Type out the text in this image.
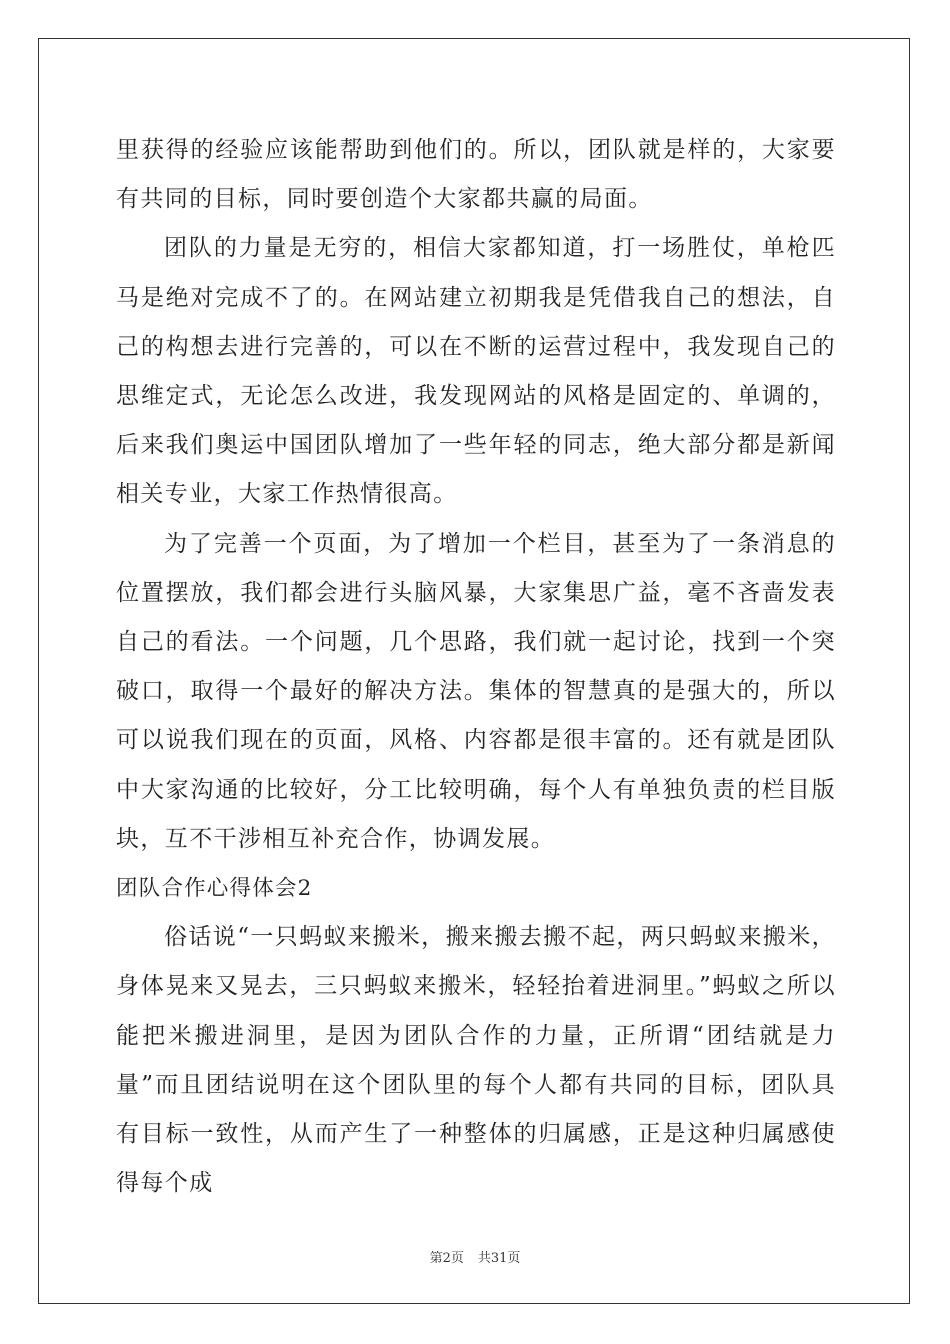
里获得的经验应该能帮助到他们的。所以，团队就是样的，大家要有共同的目标，同时要创造个大家都共赢的局面。

团队的力量是无穷的，相信大家都知道，打一场胜仗，单枪匹马是绝对完成不了的。在网站建立初期我是凭借我自己的想法，自己的构想去进行完善的，可以在不断的运营过程中，我发现自己的思维定式，无论怎么改进，我发现网站的风格是固定的、单调的，后来我们奥运中国团队增加了一些年轻的同志，绝大部分都是新闻相关专业，大家工作热情很高。

为了完善一个页面，为了增加一个栏目，甚至为了一条消息的位置摆放，我们都会进行头脑风暴，大家集思广益，毫不吝啬发表自己的看法。一个问题，几个思路，我们就一起讨论，找到一个突破口，取得一个最好的解决方法。集体的智慧真的是强大的，所以可以说我们现在的页面，风格、内容都是很丰富的。还有就是团队中大家沟通的比较好，分工比较明确，每个人有单独负责的栏目版块，互不干涉相互补充合作，协调发展。

团队合作心得体会2

俗话说“一只蚂蚁来搬米，搬来搬去搬不起，两只蚂蚁来搬米，身体晃来又晃去，三只蚂蚁来搬米，轻轻抬着进洞里。”蚂蚁之所以能把米搬进洞里，是因为团队合作的力量，正所谓“团结就是力量”而且团结说明在这个团队里的每个人都有共同的目标，团队具有目标一致性，从而产生了一种整体的归属感，正是这种归属感使得每个成

第2页 共31页
